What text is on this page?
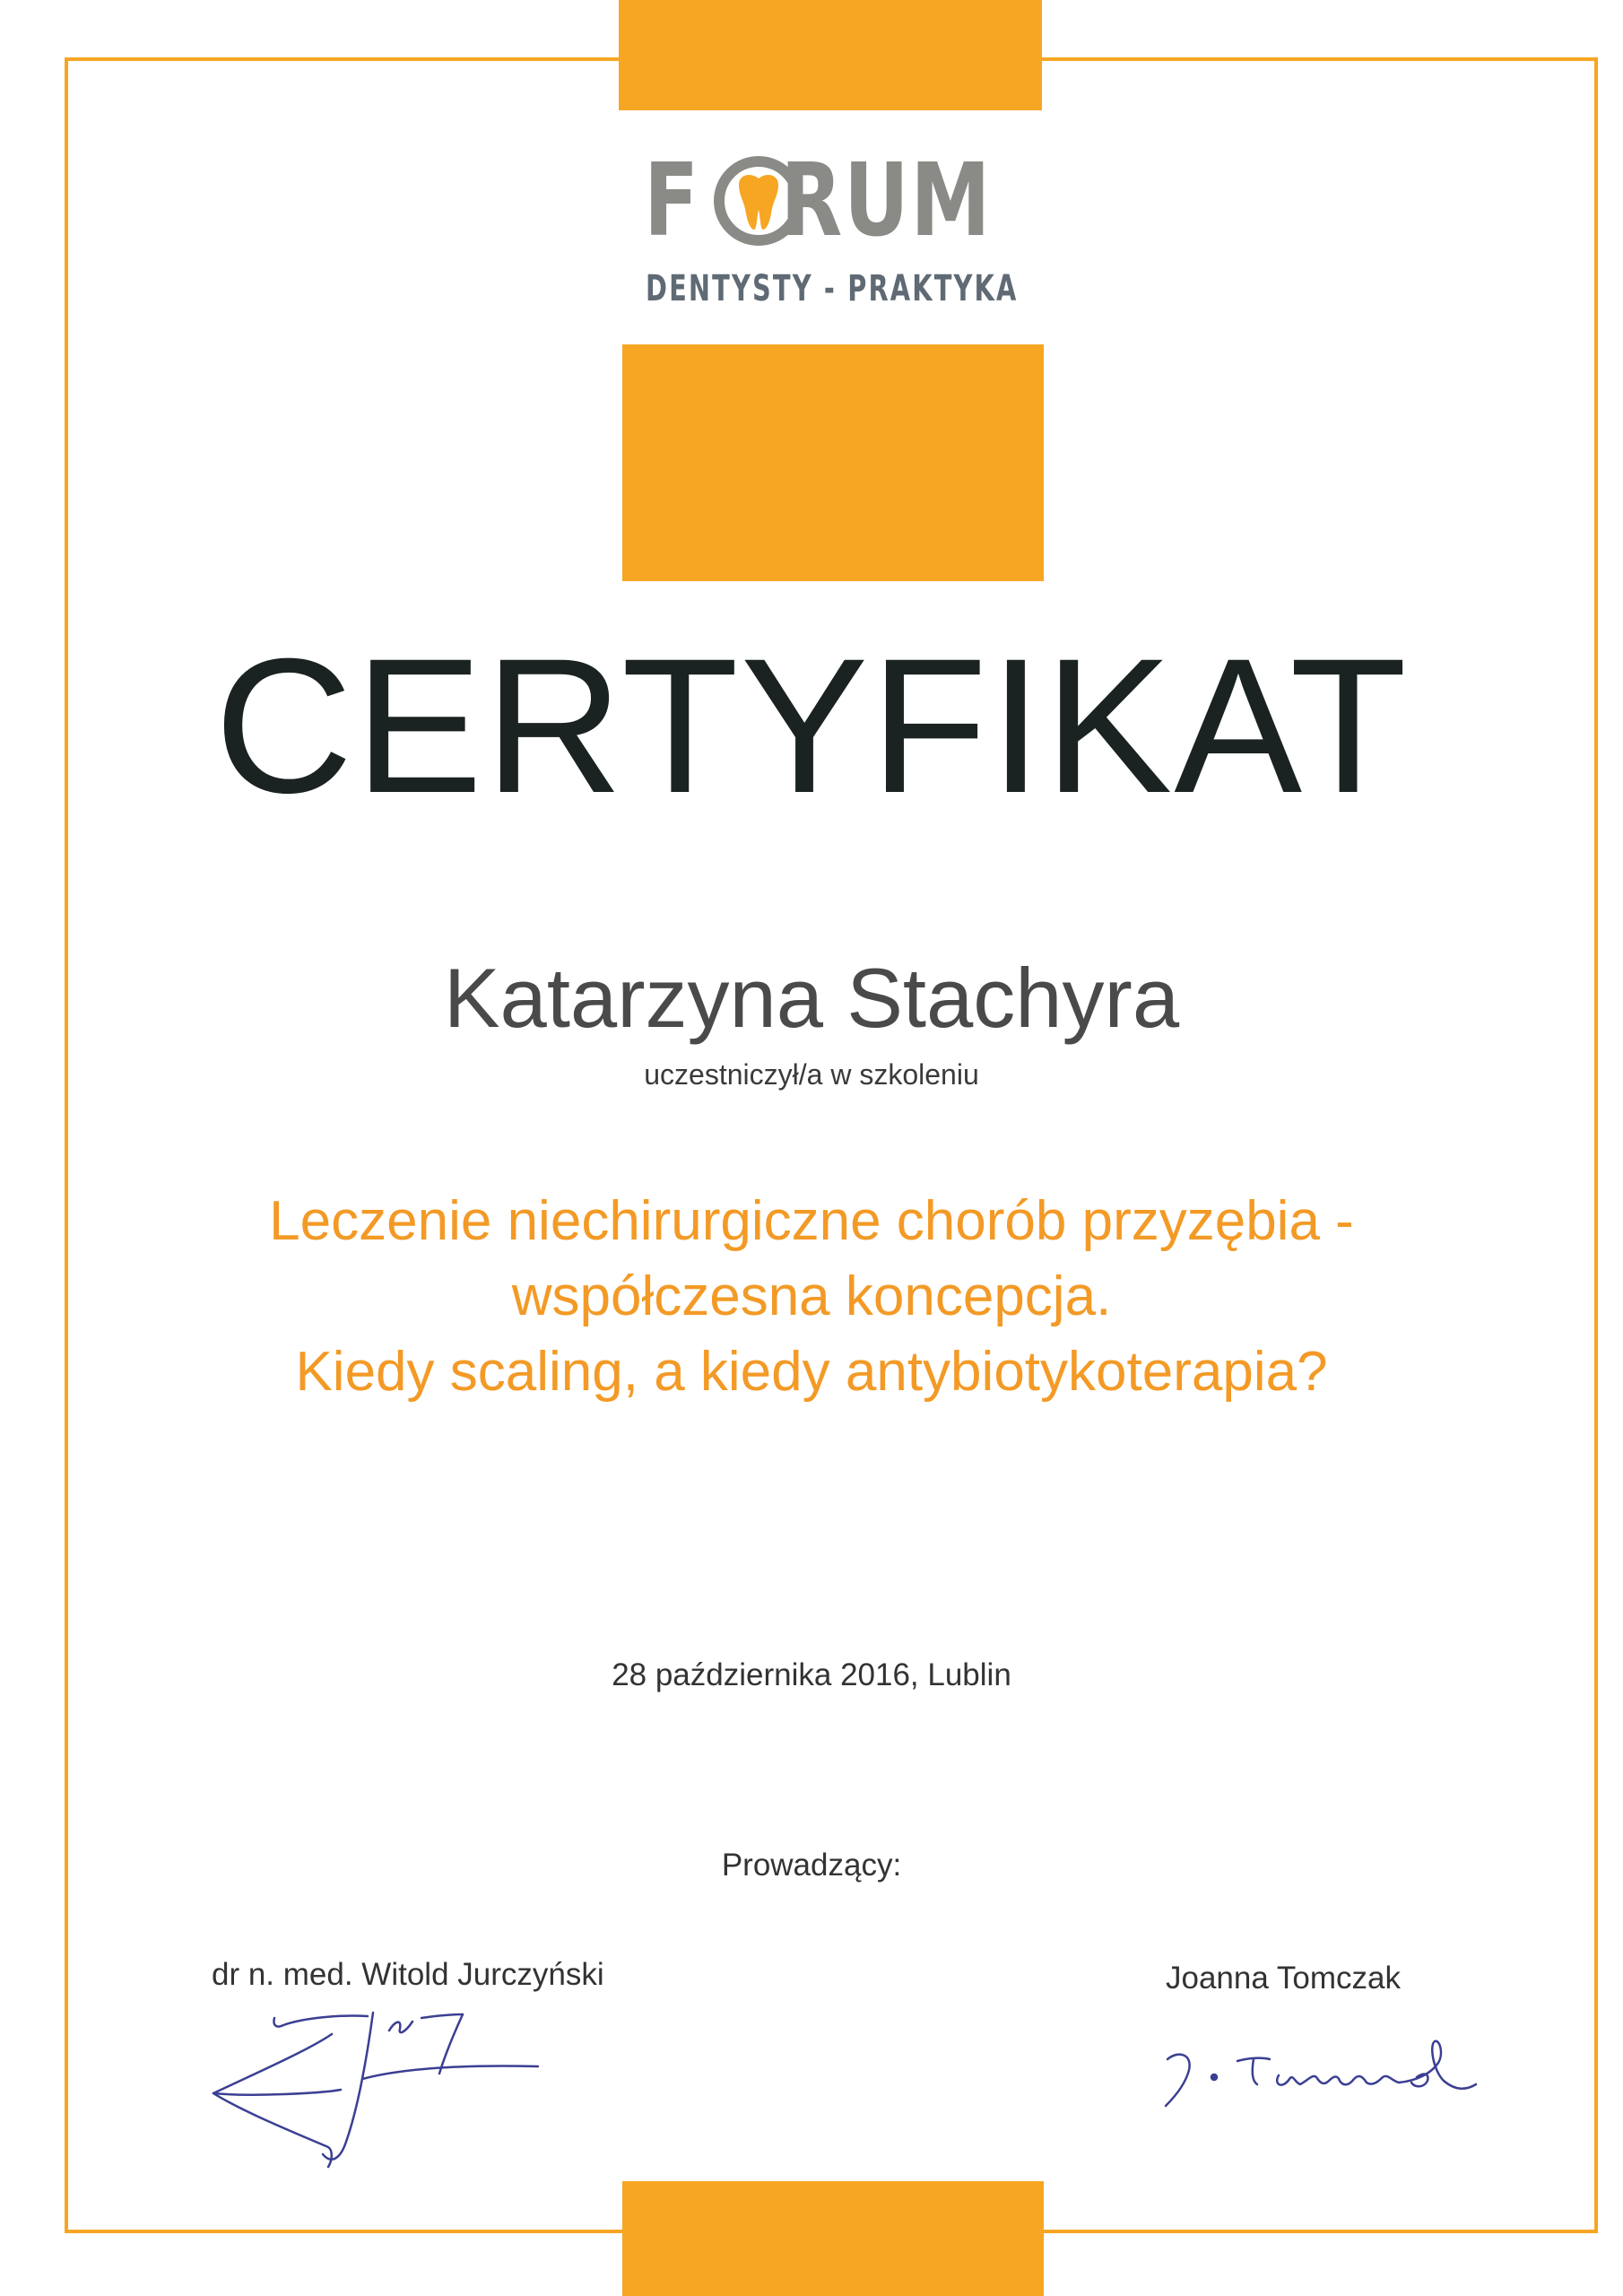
F RUM
DENTYSTY - PRAKTYKA
CERTYFIKAT
Katarzyna Stachyra
uczestniczył/a w szkoleniu
Leczenie niechirurgiczne chorób przyzębia -
współczesna koncepcja.
Kiedy scaling, a kiedy antybiotykoterapia?
28 października 2016, Lublin
Prowadzący:
dr n. med. Witold Jurczyński	Joanna Tomczak
